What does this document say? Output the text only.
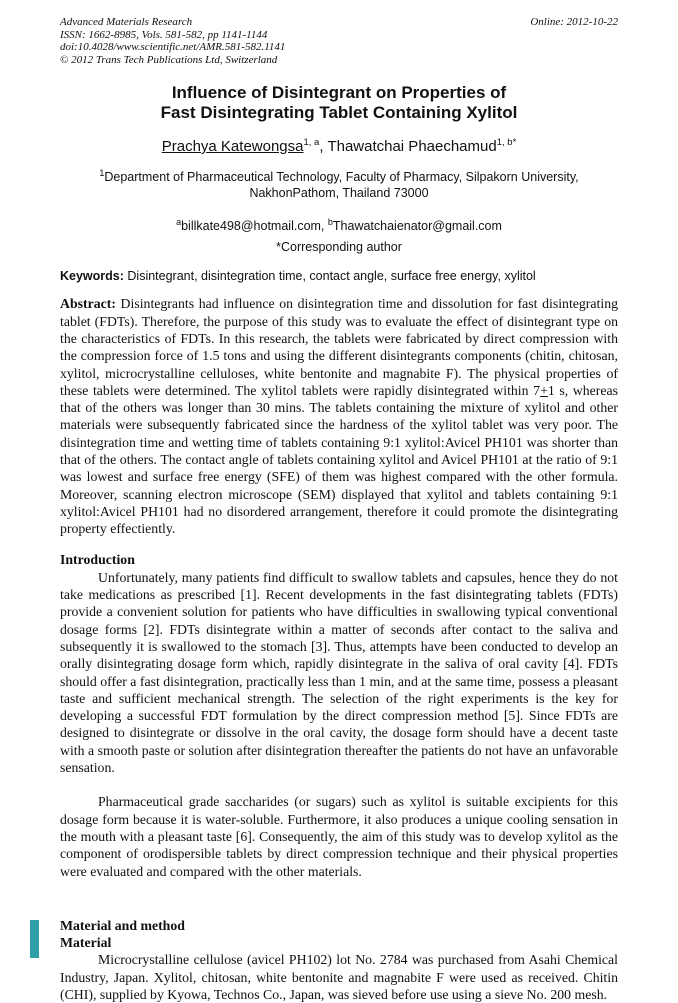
Advanced Materials Research
ISSN: 1662-8985, Vols. 581-582, pp 1141-1144
doi:10.4028/www.scientific.net/AMR.581-582.1141
© 2012 Trans Tech Publications Ltd, Switzerland
Online: 2012-10-22
Influence of Disintegrant on Properties of
Fast Disintegrating Tablet Containing Xylitol
Prachya Katewongsa$^{1, a}$, Thawatchai Phaechamud$^{1, b*}$
$^1$Department of Pharmaceutical Technology, Faculty of Pharmacy, Silpakorn University,
NakhonPathom, Thailand 73000
$^a$billkate498@hotmail.com, $^b$Thawatchaienator@gmail.com
*Corresponding author
Keywords: Disintegrant, disintegration time, contact angle, surface free energy, xylitol
Abstract: Disintegrants had influence on disintegration time and dissolution for fast disintegrating tablet (FDTs). Therefore, the purpose of this study was to evaluate the effect of disintegrant type on the characteristics of FDTs. In this research, the tablets were fabricated by direct compression with the compression force of 1.5 tons and using the different disintegrants components (chitin, chitosan, xylitol, microcrystalline celluloses, white bentonite and magnabite F). The physical properties of these tablets were determined. The xylitol tablets were rapidly disintegrated within 7+1 s, whereas that of the others was longer than 30 mins. The tablets containing the mixture of xylitol and other materials were subsequently fabricated since the hardness of the xylitol tablet was very poor. The disintegration time and wetting time of tablets containing 9:1 xylitol:Avicel PH101 was shorter than that of the others. The contact angle of tablets containing xylitol and Avicel PH101 at the ratio of 9:1 was lowest and surface free energy (SFE) of them was highest compared with the other formula. Moreover, scanning electron microscope (SEM) displayed that xylitol and tablets containing 9:1 xylitol:Avicel PH101 had no disordered arrangement, therefore it could promote the disintegrating property effectiently.
Introduction

Unfortunately, many patients find difficult to swallow tablets and capsules, hence they do not take medications as prescribed [1]. Recent developments in the fast disintegrating tablets (FDTs) provide a convenient solution for patients who have difficulties in swallowing typical conventional dosage forms [2]. FDTs disintegrate within a matter of seconds after contact to the saliva and subsequently it is swallowed to the stomach [3]. Thus, attempts have been conducted to develop an orally disintegrating dosage form which, rapidly disintegrate in the saliva of oral cavity [4]. FDTs should offer a fast disintegration, practically less than 1 min, and at the same time, possess a pleasant taste and sufficient mechanical strength. The selection of the right experiments is the key for developing a successful FDT formulation by the direct compression method [5]. Since FDTs are designed to disintegrate or dissolve in the oral cavity, the dosage form should have a decent taste with a smooth paste or solution after disintegration thereafter the patients do not have an unfavorable sensation.

Pharmaceutical grade saccharides (or sugars) such as xylitol is suitable excipients for this dosage form because it is water-soluble. Furthermore, it also produces a unique cooling sensation in the mouth with a pleasant taste [6]. Consequently, the aim of this study was to develop xylitol as the component of orodispersible tablets by direct compression technique and their physical properties were evaluated and compared with the other materials.

Material and method
Material

Microcrystalline cellulose (avicel PH102) lot No. 2784 was purchased from Asahi Chemical Industry, Japan. Xylitol, chitosan, white bentonite and magnabite F were used as received. Chitin (CHI), supplied by Kyowa, Technos Co., Japan, was sieved before use using a sieve No. 200 mesh.
